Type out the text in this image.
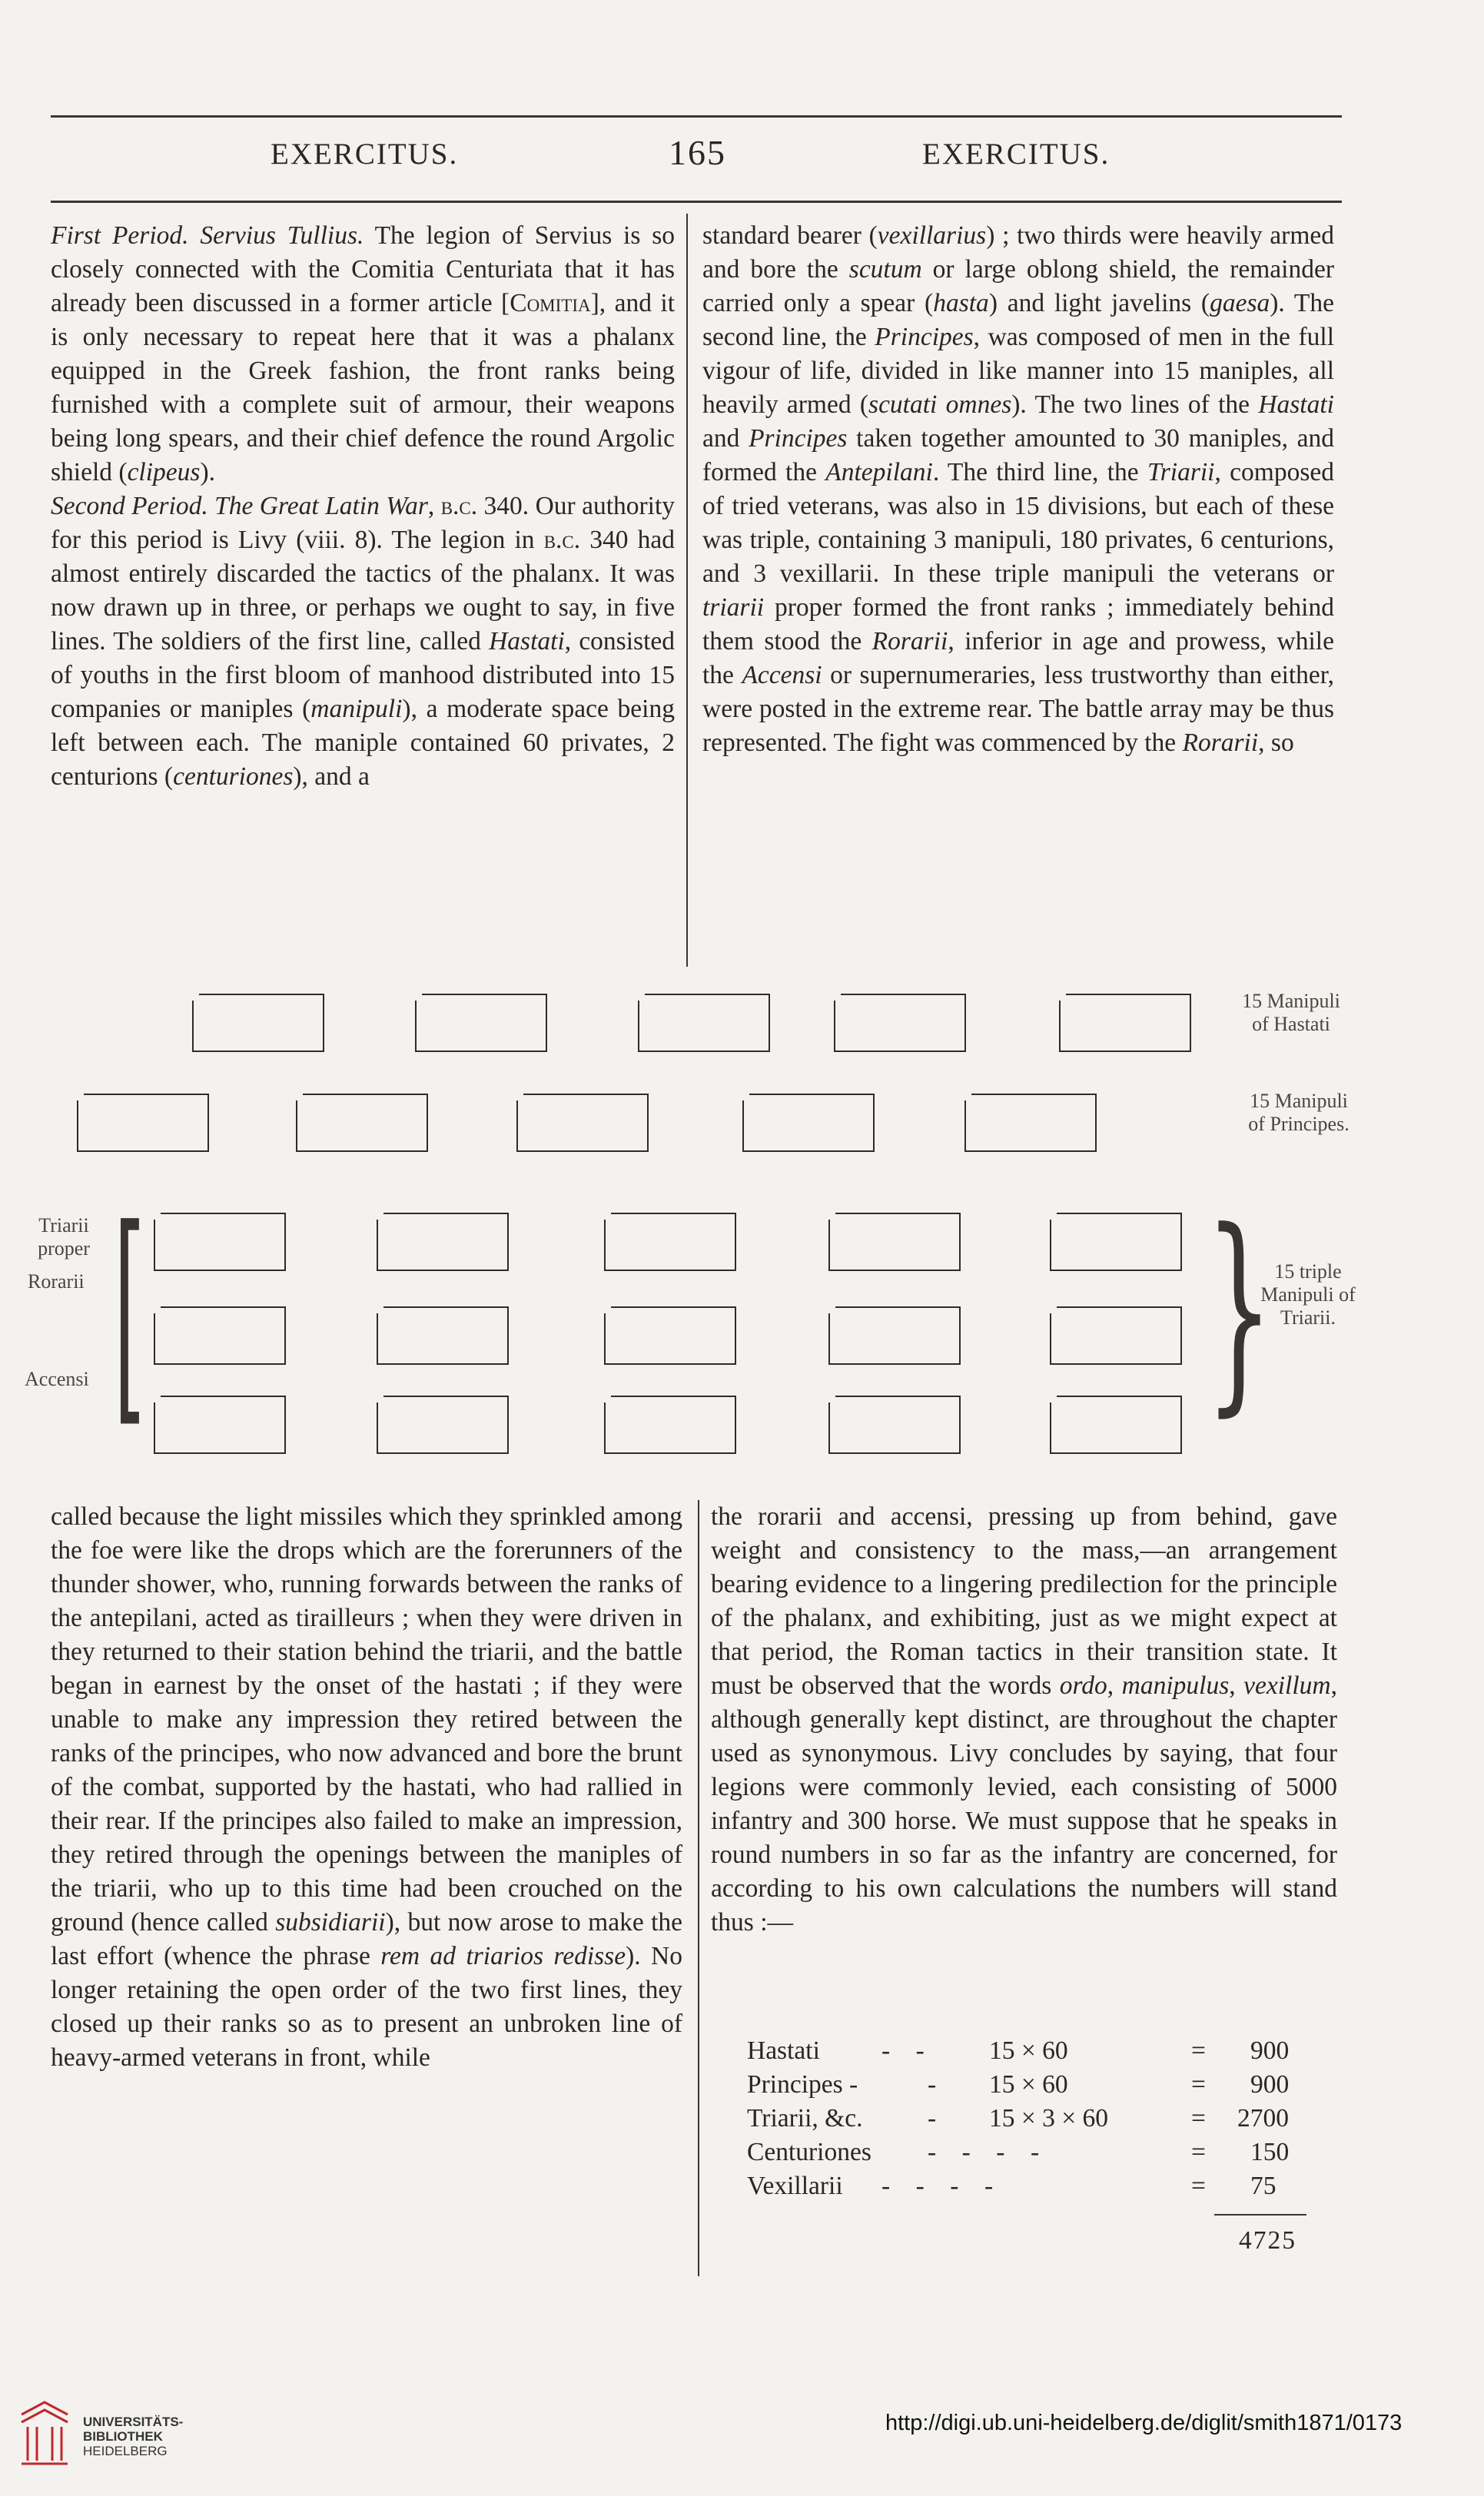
EXERCITUS.	165	EXERCITUS.

First Period. Servius Tullius. The legion of Servius is so closely connected with the Comitia Centuriata that it has already been discussed in a former article [Comitia], and it is only necessary to repeat here that it was a phalanx equipped in the Greek fashion, the front ranks being furnished with a complete suit of armour, their weapons being long spears, and their chief defence the round Argolic shield (clipeus).

Second Period. The Great Latin War, b.c. 340. Our authority for this period is Livy (viii. 8). The legion in b.c. 340 had almost entirely discarded the tactics of the phalanx. It was now drawn up in three, or perhaps we ought to say, in five lines. The soldiers of the first line, called Hastati, consisted of youths in the first bloom of manhood distributed into 15 companies or maniples (manipuli), a moderate space being left between each. The maniple contained 60 privates, 2 centurions (centuriones), and a

standard bearer (vexillarius) ; two thirds were heavily armed and bore the scutum or large oblong shield, the remainder carried only a spear (hasta) and light javelins (gaesa). The second line, the Principes, was composed of men in the full vigour of life, divided in like manner into 15 maniples, all heavily armed (scutati omnes). The two lines of the Hastati and Principes taken together amounted to 30 maniples, and formed the Antepilani. The third line, the Triarii, composed of tried veterans, was also in 15 divisions, but each of these was triple, containing 3 manipuli, 180 privates, 6 centurions, and 3 vexillarii. In these triple manipuli the veterans or triarii proper formed the front ranks ; immediately behind them stood the Rorarii, inferior in age and prowess, while the Accensi or supernumeraries, less trustworthy than either, were posted in the extreme rear. The battle array may be thus represented. The fight was commenced by the Rorarii, so

15 Manipuli
of Hastati
15 Manipuli
of Principes.
Triarii
proper
Rorarii
Accensi [	} 15 triple
Manipuli of
Triarii.

called because the light missiles which they sprinkled among the foe were like the drops which are the forerunners of the thunder shower, who, running forwards between the ranks of the antepilani, acted as tirailleurs ; when they were driven in they returned to their station behind the triarii, and the battle began in earnest by the onset of the hastati ; if they were unable to make any impression they retired between the ranks of the principes, who now advanced and bore the brunt of the combat, supported by the hastati, who had rallied in their rear. If the principes also failed to make an impression, they retired through the openings between the maniples of the triarii, who up to this time had been crouched on the ground (hence called subsidiarii), but now arose to make the last effort (whence the phrase rem ad triarios redisse). No longer retaining the open order of the two first lines, they closed up their ranks so as to present an unbroken line of heavy-armed veterans in front, while

the rorarii and accensi, pressing up from behind, gave weight and consistency to the mass,—an arrangement bearing evidence to a lingering predilection for the principle of the phalanx, and exhibiting, just as we might expect at that period, the Roman tactics in their transition state. It must be observed that the words ordo, manipulus, vexillum, although generally kept distinct, are throughout the chapter used as synonymous. Livy concludes by saying, that four legions were commonly levied, each consisting of 5000 infantry and 300 horse. We must suppose that he speaks in round numbers in so far as the infantry are concerned, for according to his own calculations the numbers will stand thus :—

Hastati -    -	15 × 60	= 900
Principes -	- 15 × 60	= 900
Triarii, &c.	- 15 × 3 × 60	= 2700
Centuriones -    -    -    -	= 150
Vexillarii -    -    -    -	= 75
4725
UNIVERSITÄTS-
BIBLIOTHEK
HEIDELBERG
http://digi.ub.uni-heidelberg.de/diglit/smith1871/0173
